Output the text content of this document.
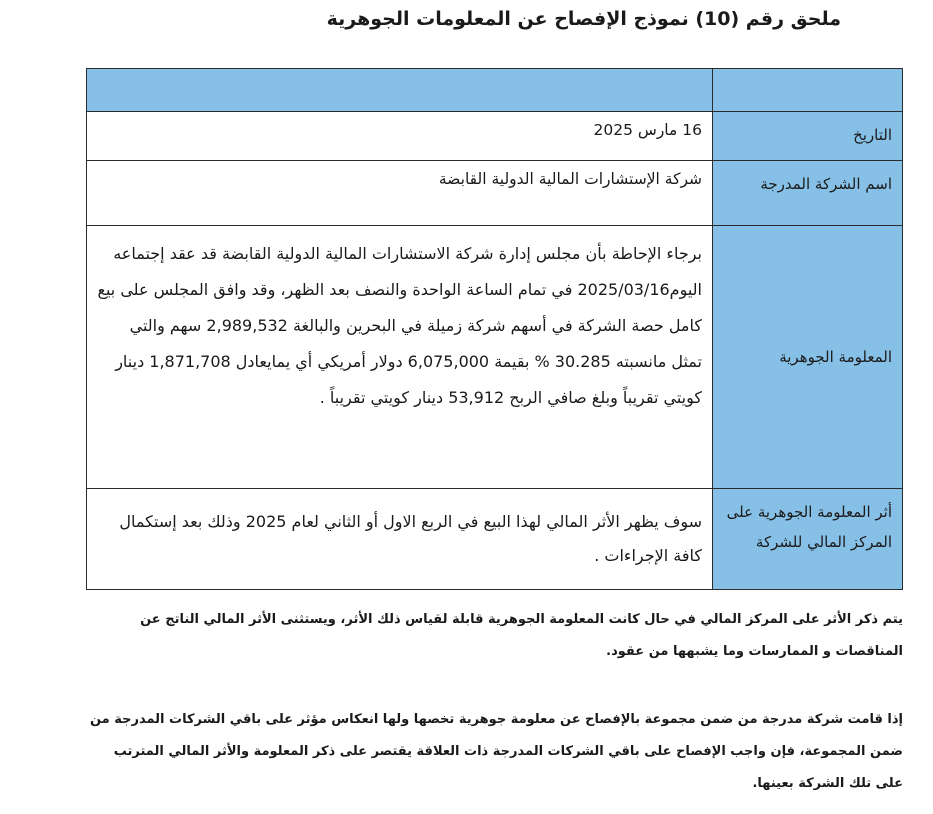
ملحق رقم (10) نموذج الإفصاح عن المعلومات الجوهرية

التاريخ	16 مارس 2025
اسم الشركة المدرجة	شركة الإستشارات المالية الدولية القابضة
المعلومة الجوهرية	برجاء الإحاطة بأن مجلس إدارة شركة الاستشارات المالية الدولية القابضة قد عقد إجتماعه اليوم2025/03/16 في تمام الساعة الواحدة والنصف بعد الظهر، وقد وافق المجلس على بيع كامل حصة الشركة في أسهم شركة زميلة في البحرين والبالغة 2,989,532 سهم والتي تمثل مانسبته 30.285 % بقيمة 6,075,000 دولار أمريكي أي يمايعادل 1,871,708 دينار كويتي تقريباً وبلغ صافي الربح 53,912 دينار كويتي تقريباً .

أثر المعلومة الجوهرية على المركز المالي للشركة	سوف يظهر الأثر المالي لهذا البيع في الربع الاول أو الثاني لعام 2025 وذلك بعد إستكمال كافة الإجراءات .
يتم ذكر الأثر على المركز المالي في حال كانت المعلومة الجوهرية قابلة لقياس ذلك الأثر، ويستثنى الأثر المالي الناتج عن المناقصات و الممارسات وما يشبهها من عقود.
إذا قامت شركة مدرجة من ضمن مجموعة بالإفصاح عن معلومة جوهرية تخصها ولها انعكاس مؤثر على باقي الشركات المدرجة من ضمن المجموعة، فإن واجب الإفصاح على باقي الشركات المدرجة ذات العلاقة يقتصر على ذكر المعلومة والأثر المالي المترتب على تلك الشركة بعينها.
